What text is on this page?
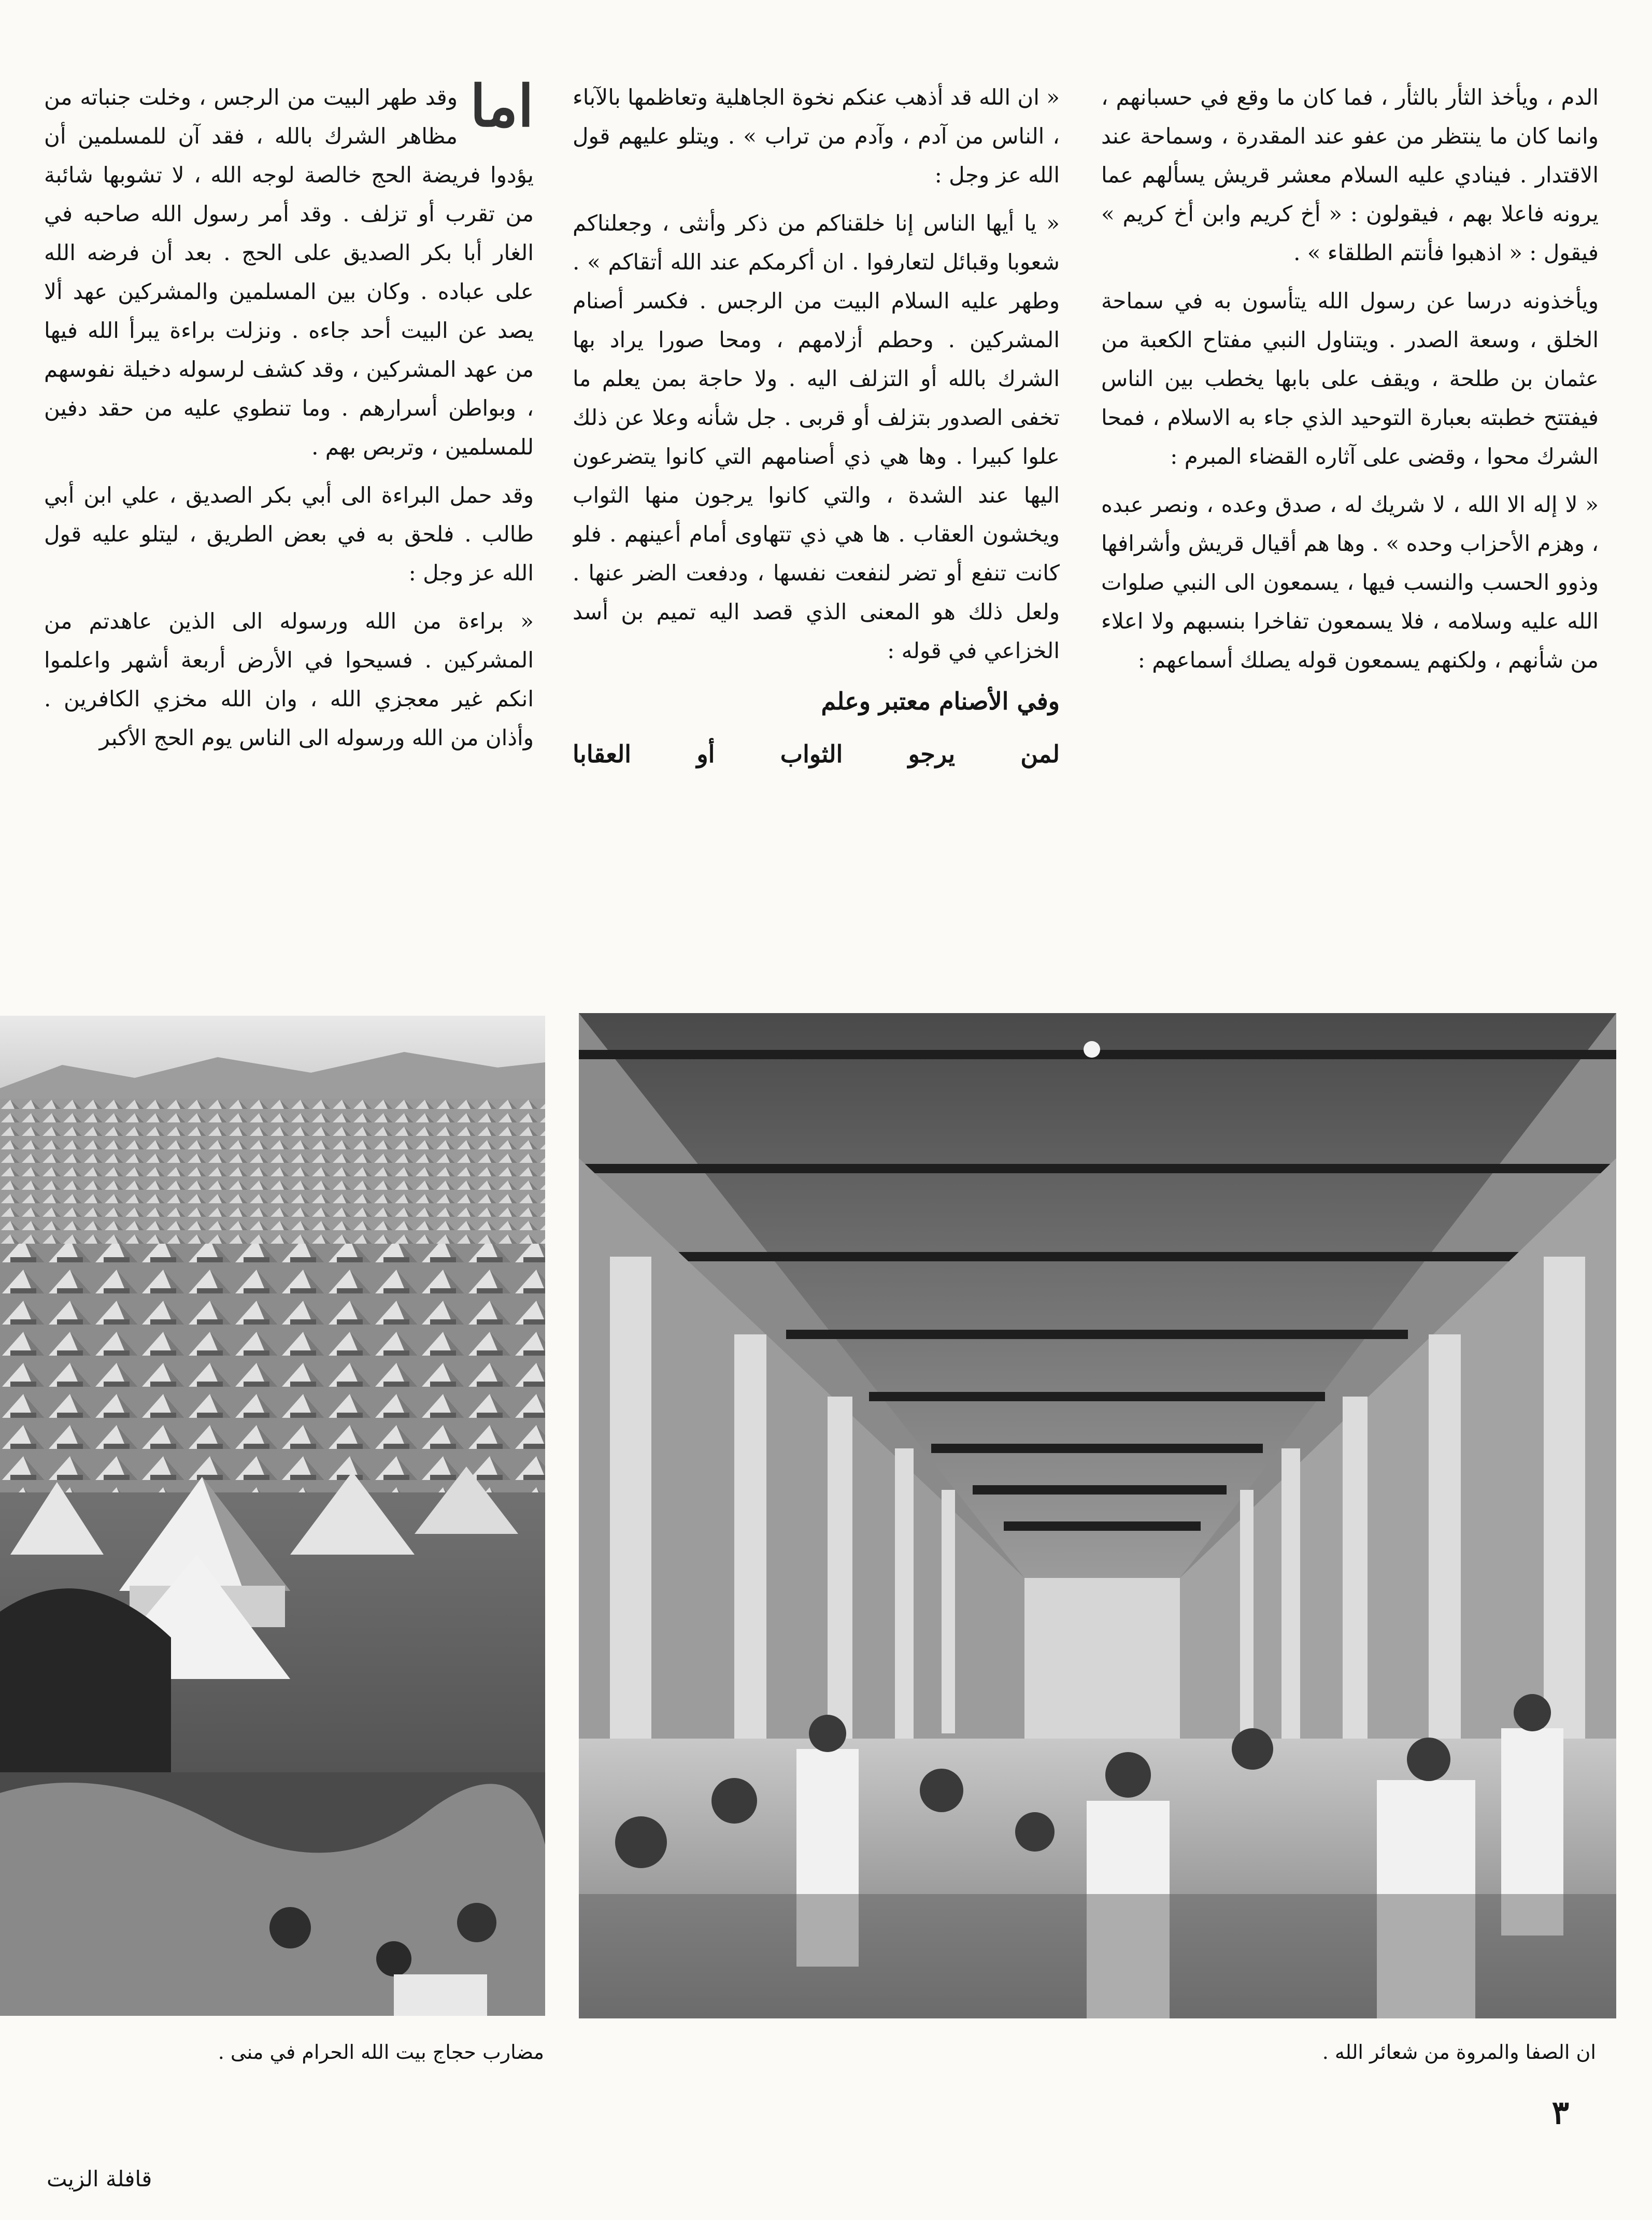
الدم ، ويأخذ الثأر بالثأر ، فما كان ما وقع في حسبانهم ، وانما كان ما ينتظر من عفو عند المقدرة ، وسماحة عند الاقتدار . فينادي عليه السلام معشر قريش يسألهم عما يرونه فاعلا بهم ، فيقولون : « أخ كريم وابن أخ كريم » فيقول : « اذهبوا فأنتم الطلقاء » .

ويأخذونه درسا عن رسول الله يتأسون به في سماحة الخلق ، وسعة الصدر . ويتناول النبي مفتاح الكعبة من عثمان بن طلحة ، ويقف على بابها يخطب بين الناس فيفتتح خطبته بعبارة التوحيد الذي جاء به الاسلام ، فمحا الشرك محوا ، وقضى على آثاره القضاء المبرم :

« لا إله الا الله ، لا شريك له ، صدق وعده ، ونصر عبده ، وهزم الأحزاب وحده » . وها هم أقيال قريش وأشرافها وذوو الحسب والنسب فيها ، يسمعون الى النبي صلوات الله عليه وسلامه ، فلا يسمعون تفاخرا بنسبهم ولا اعلاء من شأنهم ، ولكنهم يسمعون قوله يصلك أسماعهم :

« ان الله قد أذهب عنكم نخوة الجاهلية وتعاظمها بالآباء ، الناس من آدم ، وآدم من تراب » . ويتلو عليهم قول الله عز وجل :

« يا أيها الناس إنا خلقناكم من ذكر وأنثى ، وجعلناكم شعوبا وقبائل لتعارفوا . ان أكرمكم عند الله أتقاكم » . وطهر عليه السلام البيت من الرجس . فكسر أصنام المشركين . وحطم أزلامهم ، ومحا صورا يراد بها الشرك بالله أو التزلف اليه . ولا حاجة بمن يعلم ما تخفى الصدور بتزلف أو قربى . جل شأنه وعلا عن ذلك علوا كبيرا . وها هي ذي أصنامهم التي كانوا يتضرعون اليها عند الشدة ، والتي كانوا يرجون منها الثواب ويخشون العقاب . ها هي ذي تتهاوى أمام أعينهم . فلو كانت تنفع أو تضر لنفعت نفسها ، ودفعت الضر عنها . ولعل ذلك هو المعنى الذي قصد اليه تميم بن أسد الخزاعي في قوله :

وفي الأصنام معتبر وعلم

لمن يرجو الثواب أو العقابا

اما

وقد طهر البيت من الرجس ، وخلت جنباته من مظاهر الشرك بالله ، فقد آن للمسلمين أن يؤدوا فريضة الحج خالصة لوجه الله ، لا تشوبها شائبة من تقرب أو تزلف . وقد أمر رسول الله صاحبه في الغار أبا بكر الصديق على الحج . بعد أن فرضه الله على عباده . وكان بين المسلمين والمشركين عهد ألا يصد عن البيت أحد جاءه . ونزلت براءة يبرأ الله فيها من عهد المشركين ، وقد كشف لرسوله دخيلة نفوسهم ، وبواطن أسرارهم . وما تنطوي عليه من حقد دفين للمسلمين ، وتربص بهم .

وقد حمل البراءة الى أبي بكر الصديق ، علي ابن أبي طالب . فلحق به في بعض الطريق ، ليتلو عليه قول الله عز وجل :

« براءة من الله ورسوله الى الذين عاهدتم من المشركين . فسيحوا في الأرض أربعة أشهر واعلموا انكم غير معجزي الله ، وان الله مخزي الكافرين . وأذان من الله ورسوله الى الناس يوم الحج الأكبر

مضارب حجاج بيت الله الحرام في منى .	ان الصفا والمروة من شعائر الله .
٣
قافلة الزيت
